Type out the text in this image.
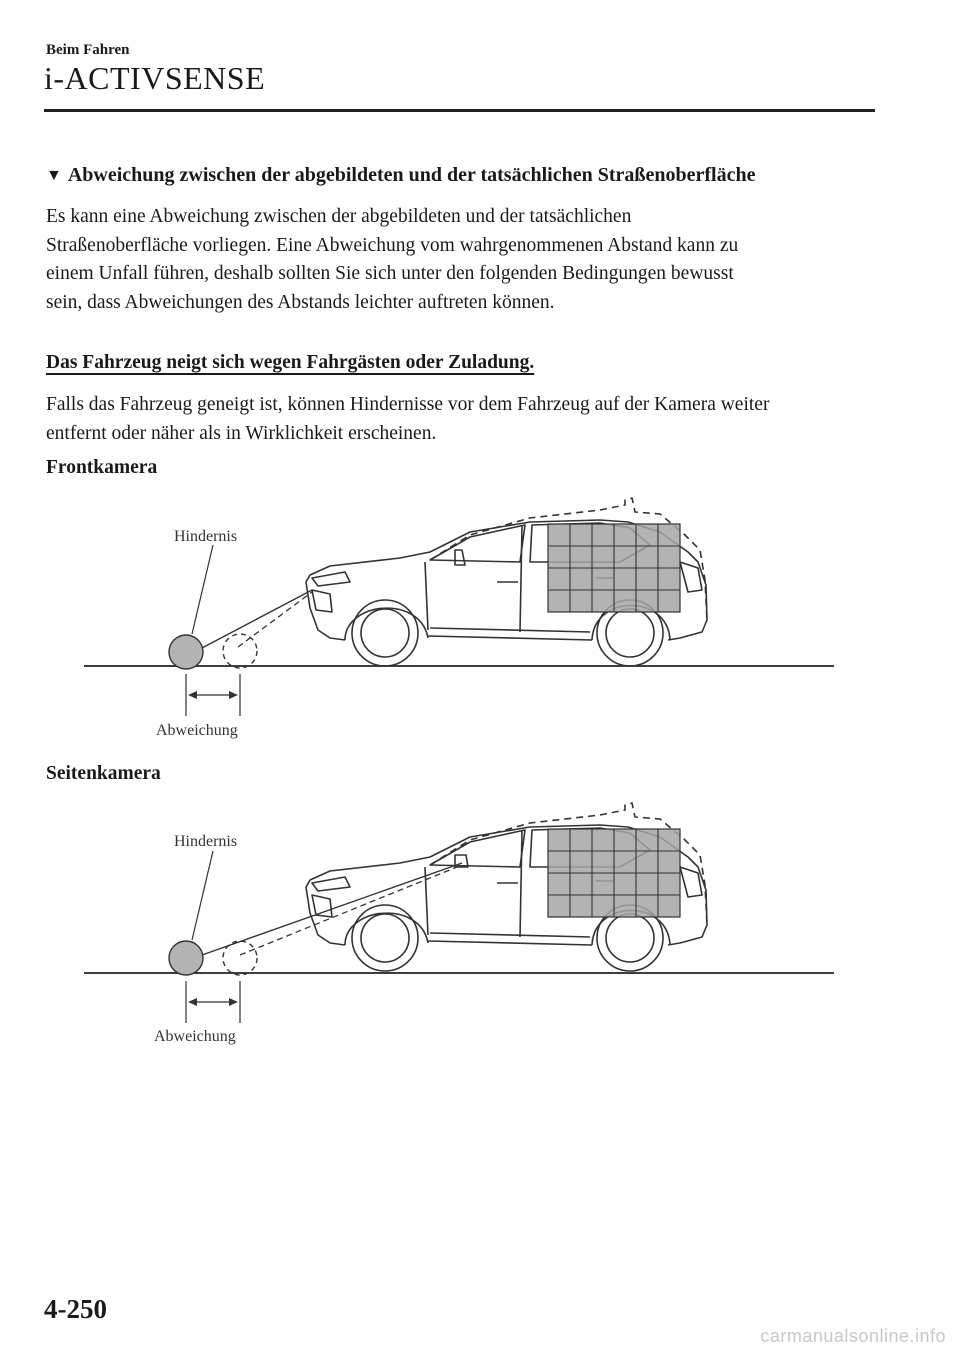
Beim Fahren
i-ACTIVSENSE
▼ Abweichung zwischen der abgebildeten und der tatsächlichen Straßenoberfläche
Es kann eine Abweichung zwischen der abgebildeten und der tatsächlichen
Straßenoberfläche vorliegen. Eine Abweichung vom wahrgenommenen Abstand kann zu
einem Unfall führen, deshalb sollten Sie sich unter den folgenden Bedingungen bewusst
sein, dass Abweichungen des Abstands leichter auftreten können.
Das Fahrzeug neigt sich wegen Fahrgästen oder Zuladung.
Falls das Fahrzeug geneigt ist, können Hindernisse vor dem Fahrzeug auf der Kamera weiter
entfernt oder näher als in Wirklichkeit erscheinen.
Frontkamera
Hindernis
Abweichung
Seitenkamera
Hindernis
Abweichung
4-250
carmanualsonline.info
